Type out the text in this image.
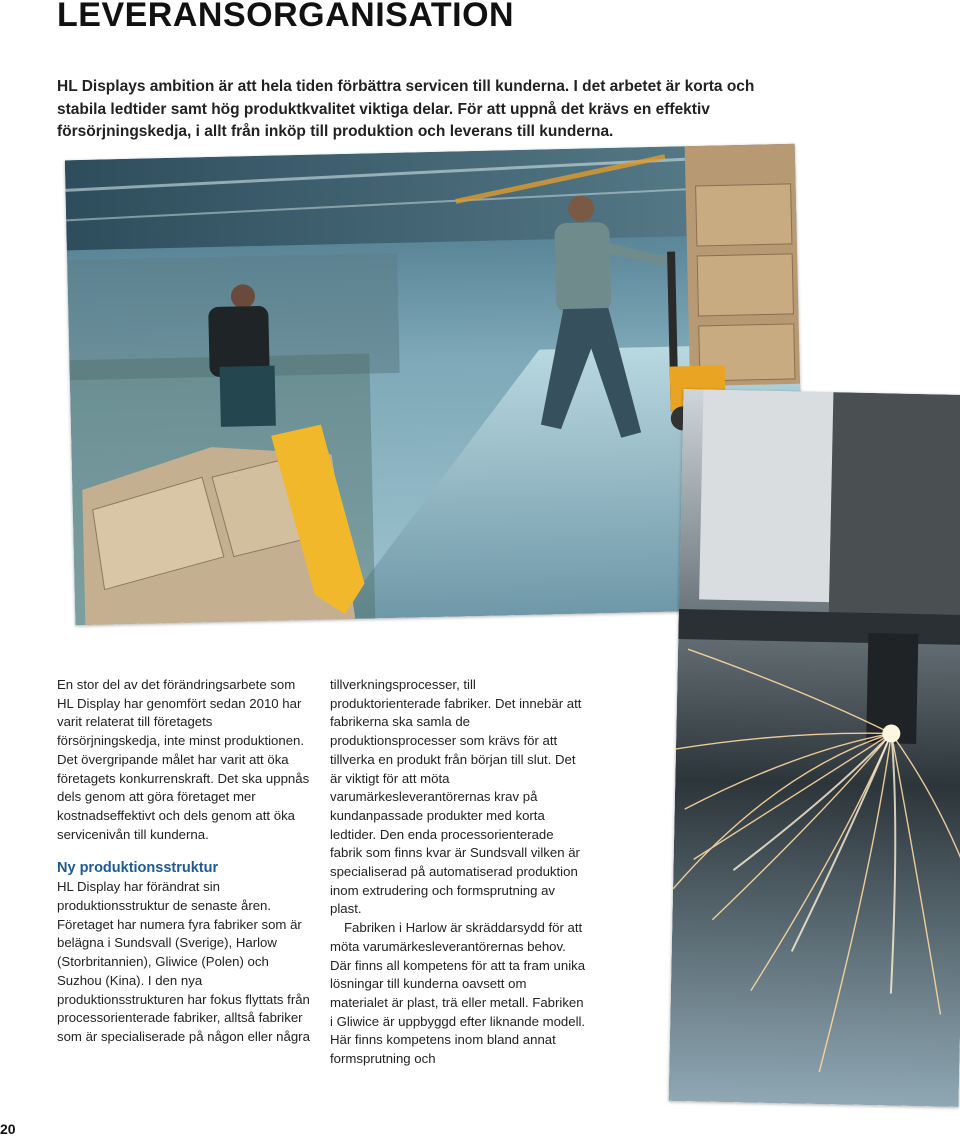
LEVERANSORGANISATION

HL Displays ambition är att hela tiden förbättra servicen till kunderna. I det arbetet är korta och stabila ledtider samt hög produktkvalitet viktiga delar. För att uppnå det krävs en effektiv försörjningskedja, i allt från inköp till produktion och leverans till kunderna.

En stor del av det förändringsarbete som HL Display har genomfört sedan 2010 har varit relaterat till företagets försörjningskedja, inte minst produktionen. Det övergripande målet har varit att öka företagets konkurrenskraft. Det ska uppnås dels genom att göra företaget mer kostnadseffektivt och dels genom att öka servicenivån till kunderna.

Ny produktionsstruktur

HL Display har förändrat sin produktionsstruktur de senaste åren. Företaget har numera fyra fabriker som är belägna i Sundsvall (Sverige), Harlow (Storbritannien), Gliwice (Polen) och Suzhou (Kina). I den nya produktionsstrukturen har fokus flyttats från processorienterade fabriker, alltså fabriker som är specialiserade på någon eller några

tillverkningsprocesser, till produktorienterade fabriker. Det innebär att fabrikerna ska samla de produktionsprocesser som krävs för att tillverka en produkt från början till slut. Det är viktigt för att möta varumärkesleverantörernas krav på kundanpassade produkter med korta ledtider. Den enda processorienterade fabrik som finns kvar är Sundsvall vilken är specialiserad på automatiserad produktion inom extrudering och formsprutning av plast.

Fabriken i Harlow är skräddarsydd för att möta varumärkesleverantörernas behov. Där finns all kompetens för att ta fram unika lösningar till kunderna oavsett om materialet är plast, trä eller metall. Fabriken i Gliwice är uppbyggd efter liknande modell. Här finns kompetens inom bland annat formsprutning och

20
